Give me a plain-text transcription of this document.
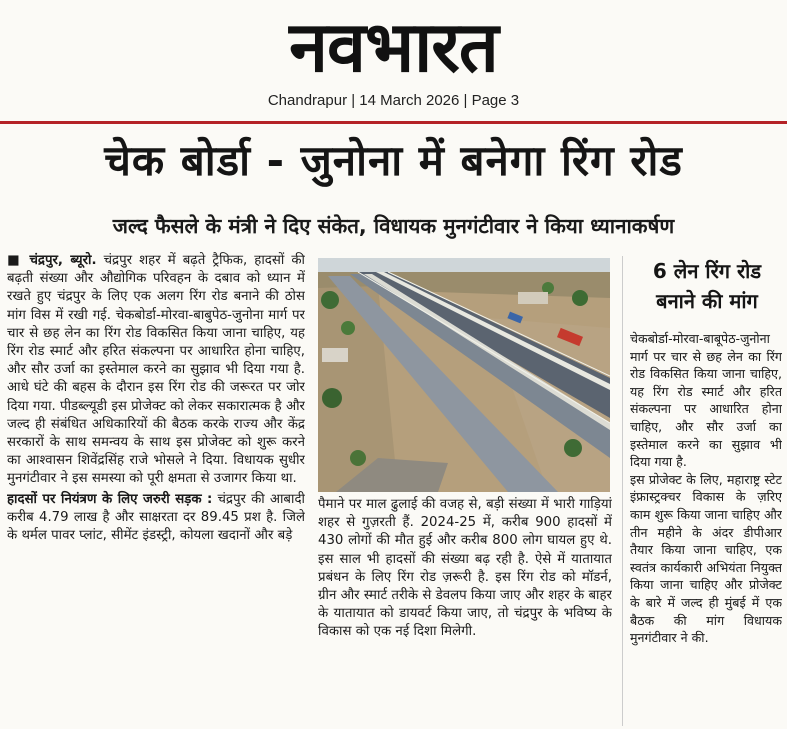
नवभारत
Chandrapur | 14 March 2026 | Page 3
चेक बोर्डा - जुनोना में बनेगा रिंग रोड
जल्द फैसले के मंत्री ने दिए संकेत, विधायक मुनगंटीवार ने किया ध्यानाकर्षण
■ चंद्रपुर, ब्यूरो. चंद्रपुर शहर में बढ़ते ट्रैफिक, हादसों की बढ़ती संख्या और औद्योगिक परिवहन के दबाव को ध्यान में रखते हुए चंद्रपुर के लिए एक अलग रिंग रोड बनाने की ठोस मांग विस में रखी गई. चेकबोर्डा-मोरवा-बाबुपेठ-जुनोना मार्ग पर चार से छह लेन का रिंग रोड विकसित किया जाना चाहिए, यह रिंग रोड स्मार्ट और हरित संकल्पना पर आधारित होना चाहिए, और सौर उर्जा का इस्तेमाल करने का सुझाव भी दिया गया है. आधे घंटे की बहस के दौरान इस रिंग रोड की जरूरत पर जोर दिया गया. पीडब्ल्यूडी इस प्रोजेक्ट को लेकर सकारात्मक है और जल्द ही संबंधित अधिकारियों की बैठक करके राज्य और केंद्र सरकारों के साथ समन्वय के साथ इस प्रोजेक्ट को शुरू करने का आश्वासन शिवेंद्रसिंह राजे भोसले ने दिया. विधायक सुधीर मुनगंटीवार ने इस समस्या को पूरी क्षमता से उजागर किया था.
हादसों पर नियंत्रण के लिए जरुरी सड़क : चंद्रपुर की आबादी करीब 4.79 लाख है और साक्षरता दर 89.45 प्रश है. जिले के थर्मल पावर प्लांट, सीमेंट इंडस्ट्री, कोयला खदानों और बड़े
पैमाने पर माल ढुलाई की वजह से, बड़ी संख्या में भारी गाड़ियां शहर से गुज़रती हैं. 2024-25 में, करीब 900 हादसों में 430 लोगों की मौत हुई और करीब 800 लोग घायल हुए थे. इस साल भी हादसों की संख्या बढ़ रही है. ऐसे में यातायात प्रबंधन के लिए रिंग रोड ज़रूरी है. इस रिंग रोड को मॉडर्न, ग्रीन और स्मार्ट तरीके से डेवलप किया जाए और शहर के बाहर के यातायात को डायवर्ट किया जाए, तो चंद्रपुर के भविष्य के विकास को एक नई दिशा मिलेगी.
6 लेन रिंग रोड
बनाने की मांग
चेकबोर्डा-मोरवा-बाबूपेठ-जुनोना मार्ग पर चार से छह लेन का रिंग रोड विकसित किया जाना चाहिए, यह रिंग रोड स्मार्ट और हरित संकल्पना पर आधारित होना चाहिए, और सौर उर्जा का इस्तेमाल करने का सुझाव भी दिया गया है.
इस प्रोजेक्ट के लिए, महाराष्ट्र स्टेट इंफ्रास्ट्रक्चर विकास के ज़रिए काम शुरू किया जाना चाहिए और तीन महीने के अंदर डीपीआर तैयार किया जाना चाहिए, एक स्वतंत्र कार्यकारी अभियंता नियुक्त किया जाना चाहिए और प्रोजेक्ट के बारे में जल्द ही मुंबई में एक बैठक की मांग विधायक मुनगंटीवार ने की.
